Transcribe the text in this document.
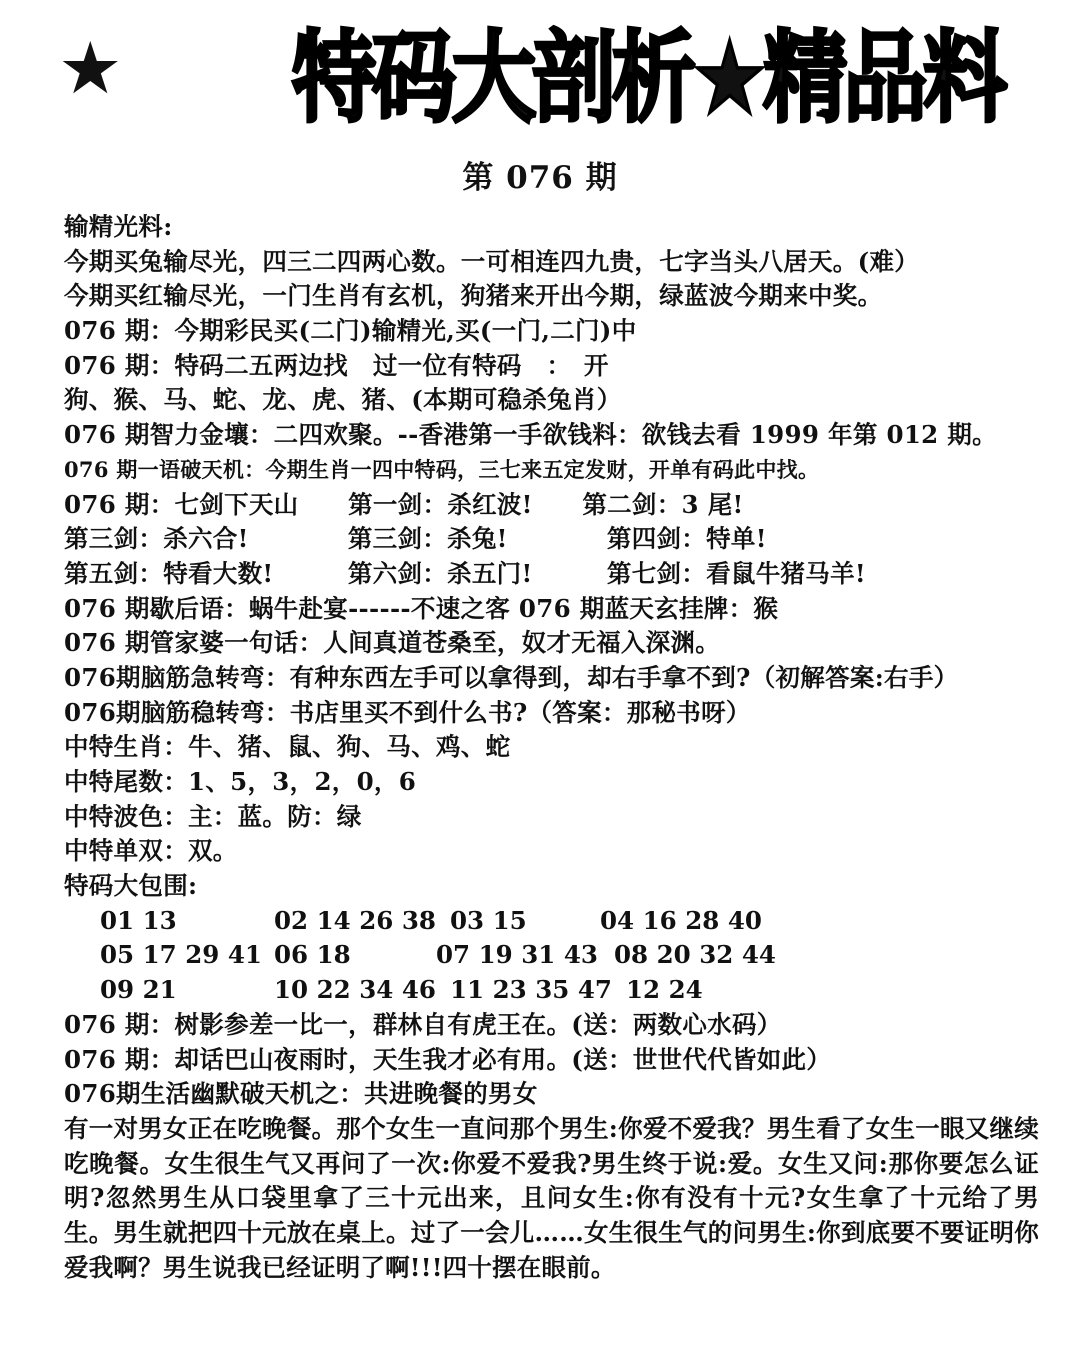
★ 特码大剖析★精品料
第 076 期
输精光料:
今期买兔输尽光，四三二四两心数。一可相连四九贵，七字当头八居天。(难）
今期买红输尽光，一门生肖有玄机，狗猪来开出今期，绿蓝波今期来中奖。
076 期：今期彩民买(二门)输精光,买(一门,二门)中
076 期：特码二五两边找　过一位有特码　：　开
狗、猴、马、蛇、龙、虎、猪、(本期可稳杀兔肖）
076 期智力金壤：二四欢聚。--香港第一手欲钱料：欲钱去看 1999 年第 012 期。
076 期一语破天机：今期生肖一四中特码，三七来五定发财，开单有码此中找。
076 期：七剑下天山　　第一剑：杀红波!　　第二剑：3 尾!
第三剑：杀六合!　　　　第三剑：杀兔!　　　　第四剑：特单!
第五剑：特看大数!　　　第六剑：杀五门!　　　第七剑：看鼠牛猪马羊!
076 期歇后语：蜗牛赴宴------不速之客 076 期蓝天玄挂牌：猴
076 期管家婆一句话：人间真道苍桑至，奴才无福入深渊。
076期脑筋急转弯：有种东西左手可以拿得到，却右手拿不到?（初解答案:右手）
076期脑筋稳转弯：书店里买不到什么书?（答案：那秘书呀）
中特生肖：牛、猪、鼠、狗、马、鸡、蛇
中特尾数：1、5，3，2，0，6
中特波色：主：蓝。防：绿
中特单双：双。
特码大包围:
01 13	02 14 26 38 03 15	04 16 28 40
05 17 29 41 06 18	07 19 31 43 08 20 32 44
09 21	10 22 34 46 11 23 35 47 12 24
076 期：树影参差一比一，群林自有虎王在。(送：两数心水码）
076 期：却话巴山夜雨时，天生我才必有用。(送：世世代代皆如此）
076期生活幽默破天机之：共进晚餐的男女
有一对男女正在吃晚餐。那个女生一直问那个男生:你爱不爱我？男生看了女生一眼又继续吃晚餐。女生很生气又再问了一次:你爱不爱我?男生终于说:爱。女生又问:那你要怎么证明?忽然男生从口袋里拿了三十元出来，且问女生:你有没有十元?女生拿了十元给了男生。男生就把四十元放在桌上。过了一会儿……女生很生气的问男生:你到底要不要证明你爱我啊？男生说我已经证明了啊!!!四十摆在眼前。
